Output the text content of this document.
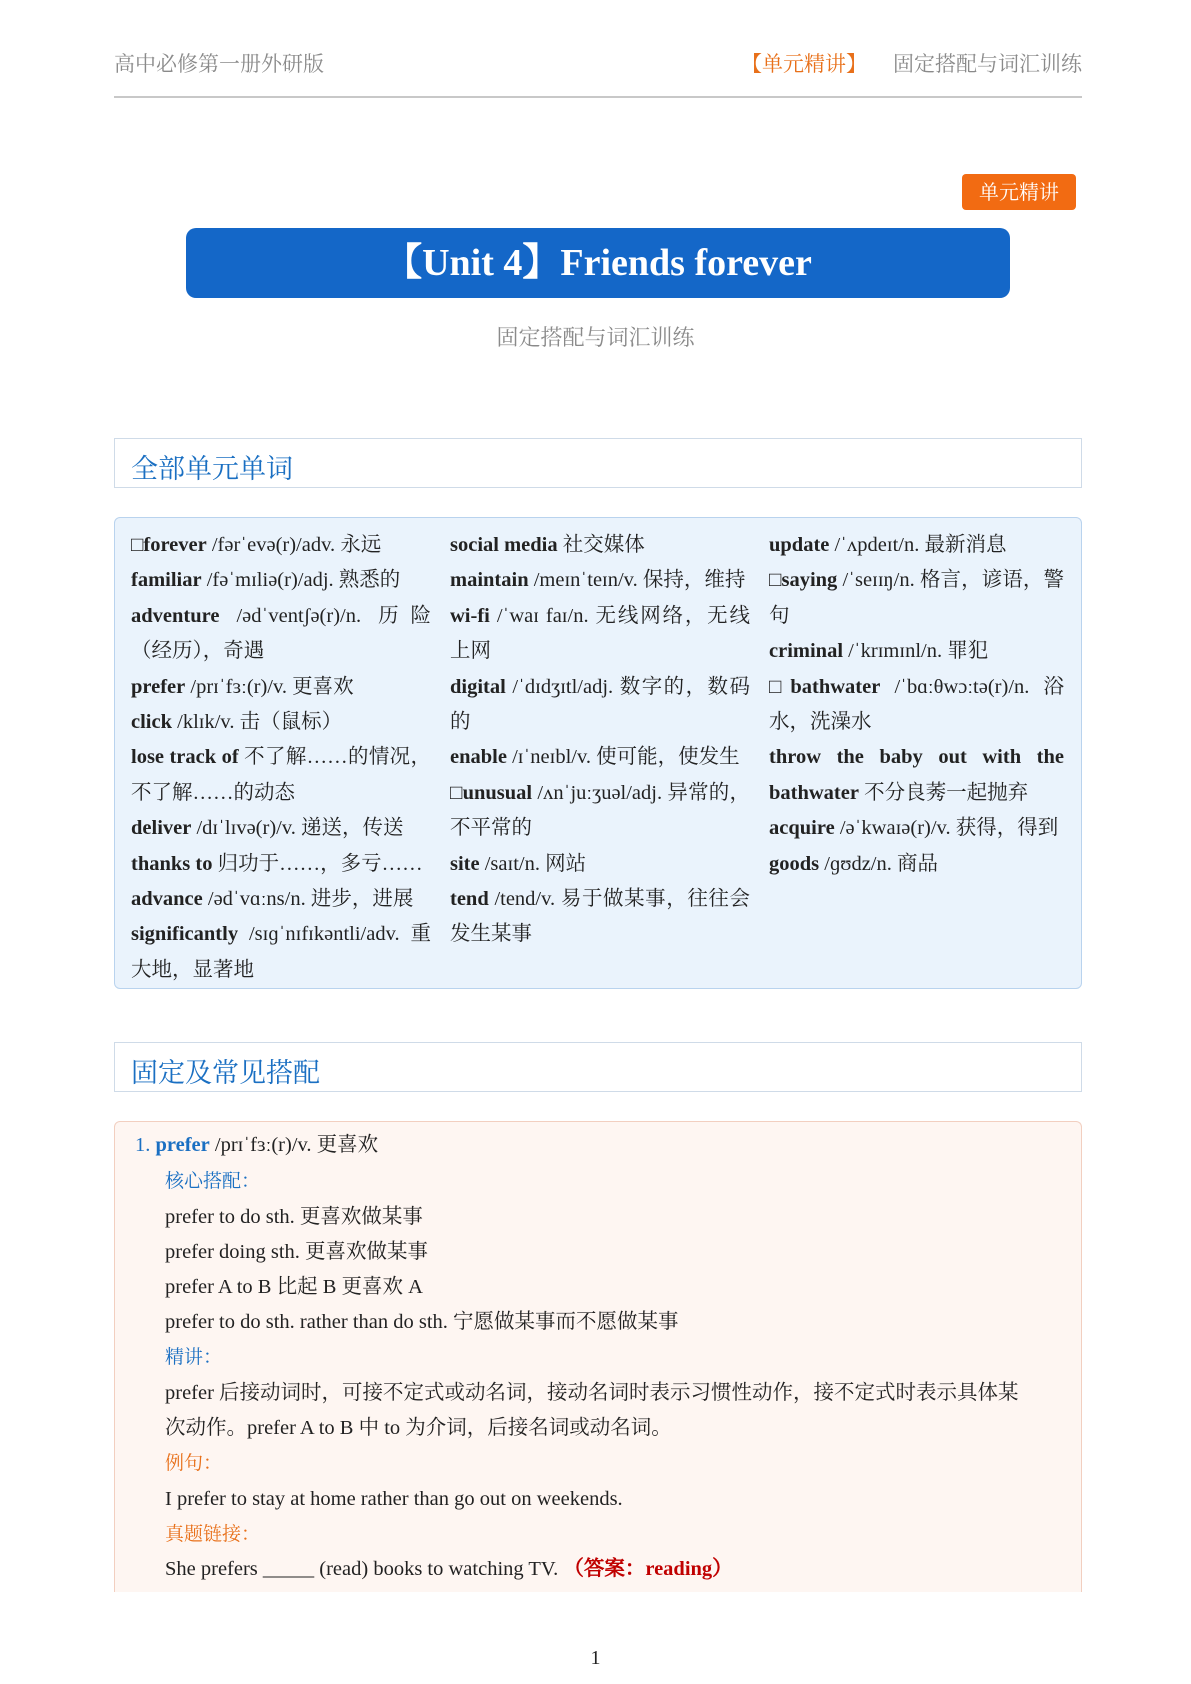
高中必修第一册外研版	【单元精讲】 固定搭配与词汇训练
单元精讲
【Unit 4】Friends forever
固定搭配与词汇训练
全部单元单词

□forever /fərˈevə(r)/adv. 永远

familiar /fəˈmɪliə(r)/adj. 熟悉的

adventure /ədˈventʃə(r)/n. 历险（经历），奇遇

prefer /prɪˈfɜː(r)/v. 更喜欢

click /klɪk/v. 击（鼠标）

lose track of 不了解……的情况，不了解……的动态

deliver /dɪˈlɪvə(r)/v. 递送，传送

thanks to 归功于……，多亏……

advance /ədˈvɑːns/n. 进步，进展

significantly /sɪɡˈnɪfɪkəntli/adv. 重大地，显著地

social media 社交媒体

maintain /meɪnˈteɪn/v. 保持，维持

wi-fi /ˈwaɪ faɪ/n. 无线网络，无线上网

digital /ˈdɪdʒɪtl/adj. 数字的，数码的

enable /ɪˈneɪbl/v. 使可能，使发生

□unusual /ʌnˈjuːʒuəl/adj. 异常的，不平常的

site /saɪt/n. 网站

tend /tend/v. 易于做某事，往往会发生某事

update /ˈʌpdeɪt/n. 最新消息

□saying /ˈseɪɪŋ/n. 格言，谚语，警句

criminal /ˈkrɪmɪnl/n. 罪犯

□bathwater /ˈbɑːθwɔːtə(r)/n. 浴水，洗澡水

throw the baby out with the bathwater 不分良莠一起抛弃

acquire /əˈkwaɪə(r)/v. 获得，得到

goods /ɡʊdz/n. 商品

固定及常见搭配
1. prefer /prɪˈfɜː(r)/v. 更喜欢
核心搭配：
prefer to do sth. 更喜欢做某事
prefer doing sth. 更喜欢做某事
prefer A to B 比起 B 更喜欢 A
prefer to do sth. rather than do sth. 宁愿做某事而不愿做某事
精讲：
prefer 后接动词时，可接不定式或动名词，接动名词时表示习惯性动作，接不定式时表示具体某
次动作。prefer A to B 中 to 为介词，后接名词或动名词。
例句：
I prefer to stay at home rather than go out on weekends.
真题链接：
She prefers _____ (read) books to watching TV. （答案：reading）
1
